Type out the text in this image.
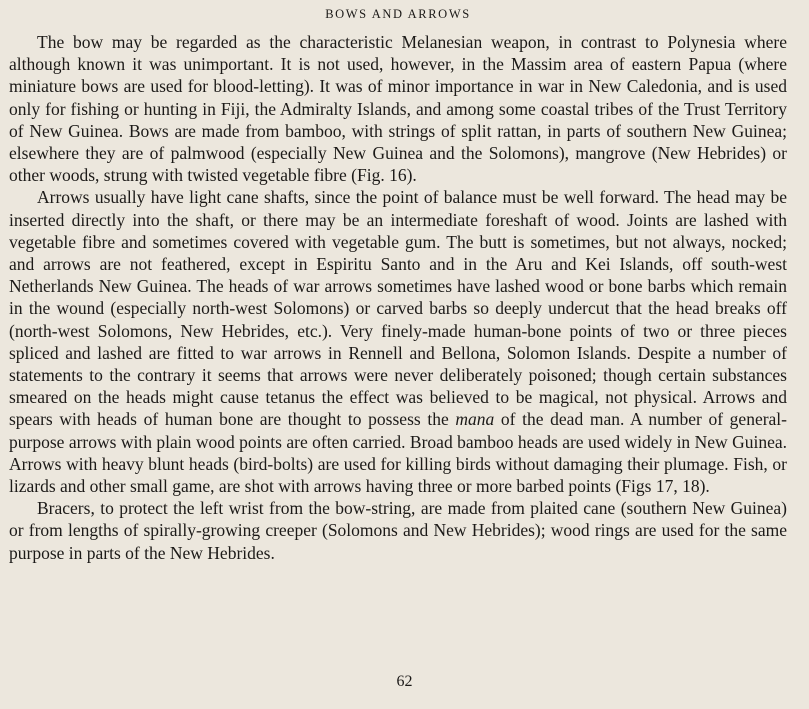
BOWS AND ARROWS

The bow may be regarded as the characteristic Melanesian weapon, in contrast to Polynesia where although known it was unimportant. It is not used, however, in the Massim area of eastern Papua (where miniature bows are used for blood-letting). It was of minor importance in war in New Caledonia, and is used only for fishing or hunting in Fiji, the Admiralty Islands, and among some coastal tribes of the Trust Territory of New Guinea. Bows are made from bamboo, with strings of split rattan, in parts of southern New Guinea; elsewhere they are of palmwood (especially New Guinea and the Solomons), mangrove (New Hebrides) or other woods, strung with twisted vegetable fibre (Fig. 16).

Arrows usually have light cane shafts, since the point of balance must be well forward. The head may be inserted directly into the shaft, or there may be an intermediate foreshaft of wood. Joints are lashed with vegetable fibre and sometimes covered with vegetable gum. The butt is sometimes, but not always, nocked; and arrows are not feathered, except in Espiritu Santo and in the Aru and Kei Islands, off south-west Netherlands New Guinea. The heads of war arrows sometimes have lashed wood or bone barbs which remain in the wound (especially north-west Solomons) or carved barbs so deeply undercut that the head breaks off (north-west Solomons, New Hebrides, etc.). Very finely-made human-bone points of two or three pieces spliced and lashed are fitted to war arrows in Rennell and Bellona, Solomon Islands. Despite a number of statements to the contrary it seems that arrows were never deliberately poisoned; though certain substances smeared on the heads might cause tetanus the effect was believed to be magical, not physical. Arrows and spears with heads of human bone are thought to possess the mana of the dead man. A number of general-purpose arrows with plain wood points are often carried. Broad bamboo heads are used widely in New Guinea. Arrows with heavy blunt heads (bird-bolts) are used for killing birds without damaging their plumage. Fish, or lizards and other small game, are shot with arrows having three or more barbed points (Figs 17, 18).

Bracers, to protect the left wrist from the bow-string, are made from plaited cane (southern New Guinea) or from lengths of spirally-growing creeper (Solomons and New Hebrides); wood rings are used for the same purpose in parts of the New Hebrides.

62
